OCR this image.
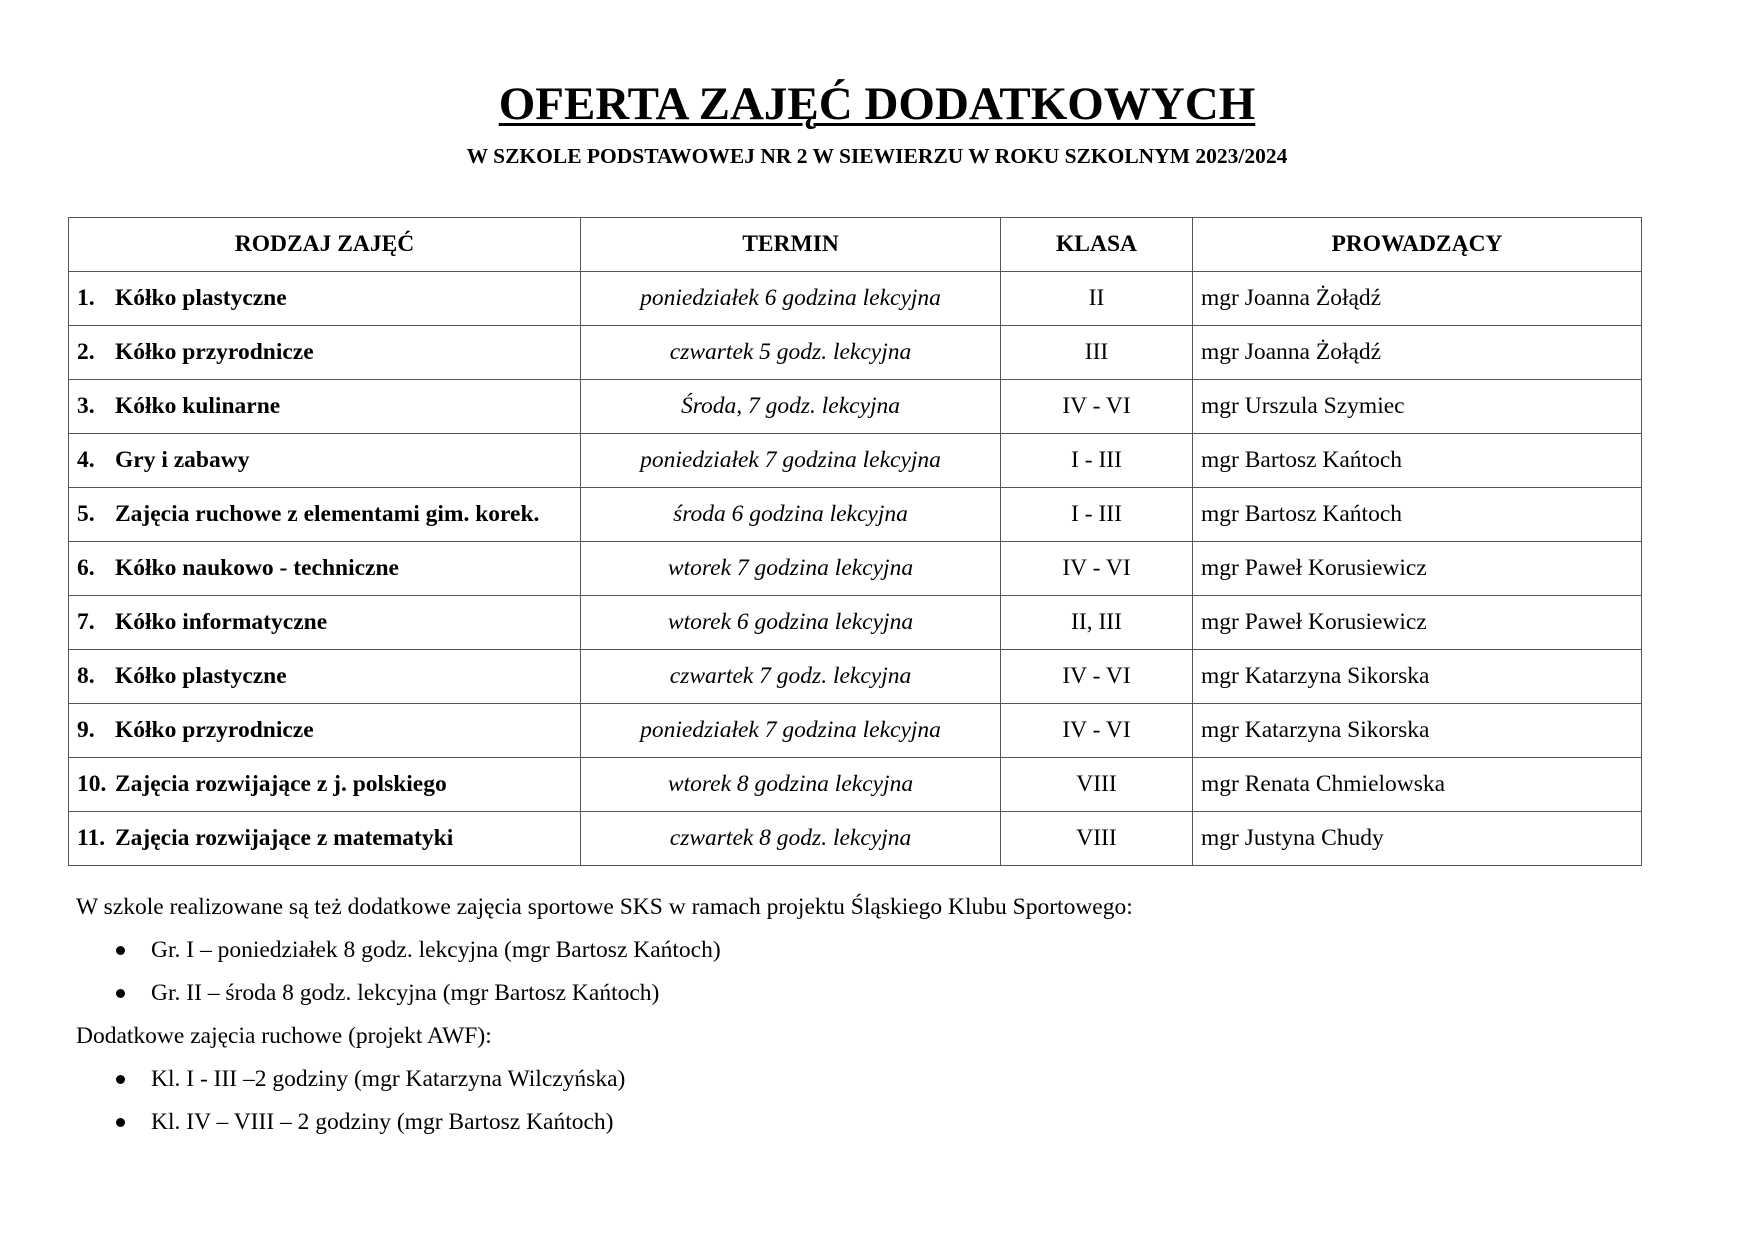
OFERTA ZAJĘĆ DODATKOWYCH
W SZKOLE PODSTAWOWEJ NR 2 W SIEWIERZU W ROKU SZKOLNYM 2023/2024
RODZAJ ZAJĘĆ	TERMIN	KLASA	PROWADZĄCY
1. Kółko plastyczne	poniedziałek 6 godzina lekcyjna	II	mgr Joanna Żołądź
2. Kółko przyrodnicze	czwartek 5 godz. lekcyjna	III	mgr Joanna Żołądź
3. Kółko kulinarne	Środa, 7 godz. lekcyjna	IV - VI	mgr Urszula Szymiec
4. Gry i zabawy	poniedziałek 7 godzina lekcyjna	I - III	mgr Bartosz Kańtoch
5. Zajęcia ruchowe z elementami gim. korek.	środa 6 godzina lekcyjna	I - III	mgr Bartosz Kańtoch
6. Kółko naukowo - techniczne	wtorek 7 godzina lekcyjna	IV - VI	mgr Paweł Korusiewicz
7. Kółko informatyczne	wtorek 6 godzina lekcyjna	II, III	mgr Paweł Korusiewicz
8. Kółko plastyczne	czwartek 7 godz. lekcyjna	IV - VI	mgr Katarzyna Sikorska
9. Kółko przyrodnicze	poniedziałek 7 godzina lekcyjna	IV - VI	mgr Katarzyna Sikorska
10. Zajęcia rozwijające z j. polskiego	wtorek 8 godzina lekcyjna	VIII	mgr Renata Chmielowska
11. Zajęcia rozwijające z matematyki	czwartek 8 godz. lekcyjna	VIII	mgr Justyna Chudy
W szkole realizowane są też dodatkowe zajęcia sportowe SKS w ramach projektu Śląskiego Klubu Sportowego:
Gr. I – poniedziałek 8 godz. lekcyjna (mgr Bartosz Kańtoch)
Gr. II – środa 8 godz. lekcyjna (mgr Bartosz Kańtoch)
Dodatkowe zajęcia ruchowe (projekt AWF):
Kl. I - III –2 godziny (mgr Katarzyna Wilczyńska)
Kl. IV – VIII – 2 godziny (mgr Bartosz Kańtoch)
